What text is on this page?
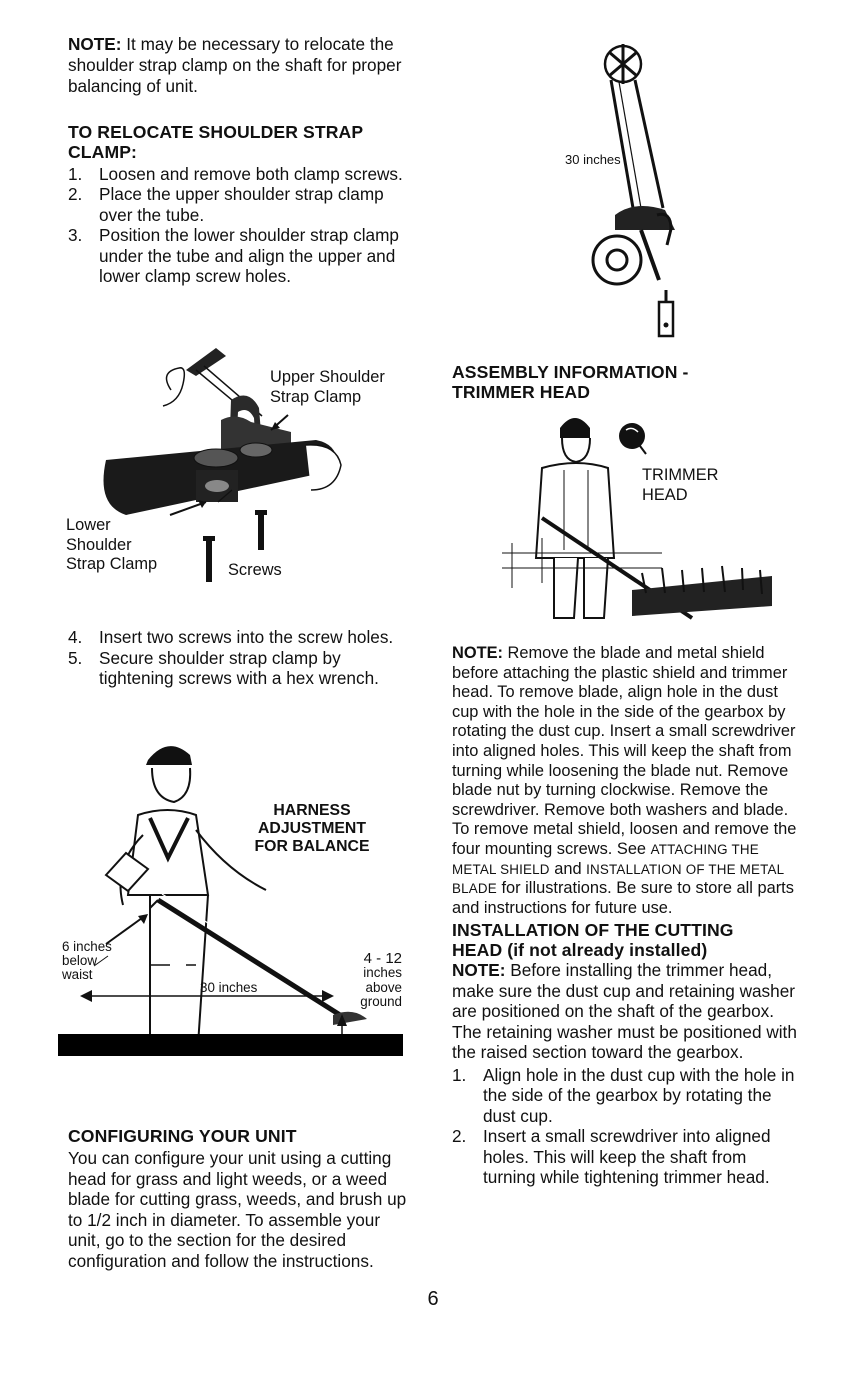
NOTE: It may be necessary to relocate the shoulder strap clamp on the shaft for proper balancing of unit.

TO RELOCATE SHOULDER STRAP CLAMP:
1. Loosen and remove both clamp screws.
2. Place the upper shoulder strap clamp over the tube.
3. Position the lower shoulder strap clamp under the tube and align the upper and lower clamp screw holes.
Upper Shoulder Strap Clamp
Lower Shoulder Strap Clamp	Screws
4. Insert two screws into the screw holes.
5. Secure shoulder strap clamp by tightening screws with a hex wrench.
HARNESS
ADJUSTMENT
FOR BALANCE
6 inches
below
waist
4 - 12
inches
above
ground
30 inches
CONFIGURING YOUR UNIT

You can configure your unit using a cutting head for grass and light weeds, or a weed blade for cutting grass, weeds, and brush up to 1/2 inch in diameter. To assemble your unit, go to the section for the desired configuration and follow the instructions.

30 inches
ASSEMBLY INFORMATION -
TRIMMER HEAD
TRIMMER
HEAD

NOTE: Remove the blade and metal shield before attaching the plastic shield and trimmer head. To remove blade, align hole in the dust cup with the hole in the side of the gearbox by rotating the dust cup. Insert a small screwdriver into aligned holes. This will keep the shaft from turning while loosening the blade nut. Remove blade nut by turning clockwise. Remove the screwdriver. Remove both washers and blade. To remove metal shield, loosen and remove the four mounting screws. See ATTACHING THE METAL SHIELD and INSTALLATION OF THE METAL BLADE for illustrations. Be sure to store all parts and instructions for future use.

INSTALLATION OF THE CUTTING
HEAD (if not already installed)

NOTE: Before installing the trimmer head, make sure the dust cup and retaining washer are positioned on the shaft of the gearbox. The retaining washer must be positioned with the raised section toward the gearbox.

1. Align hole in the dust cup with the hole in the side of the gearbox by rotating the dust cup.
2. Insert a small screwdriver into aligned holes. This will keep the shaft from turning while tightening trimmer head.
6
